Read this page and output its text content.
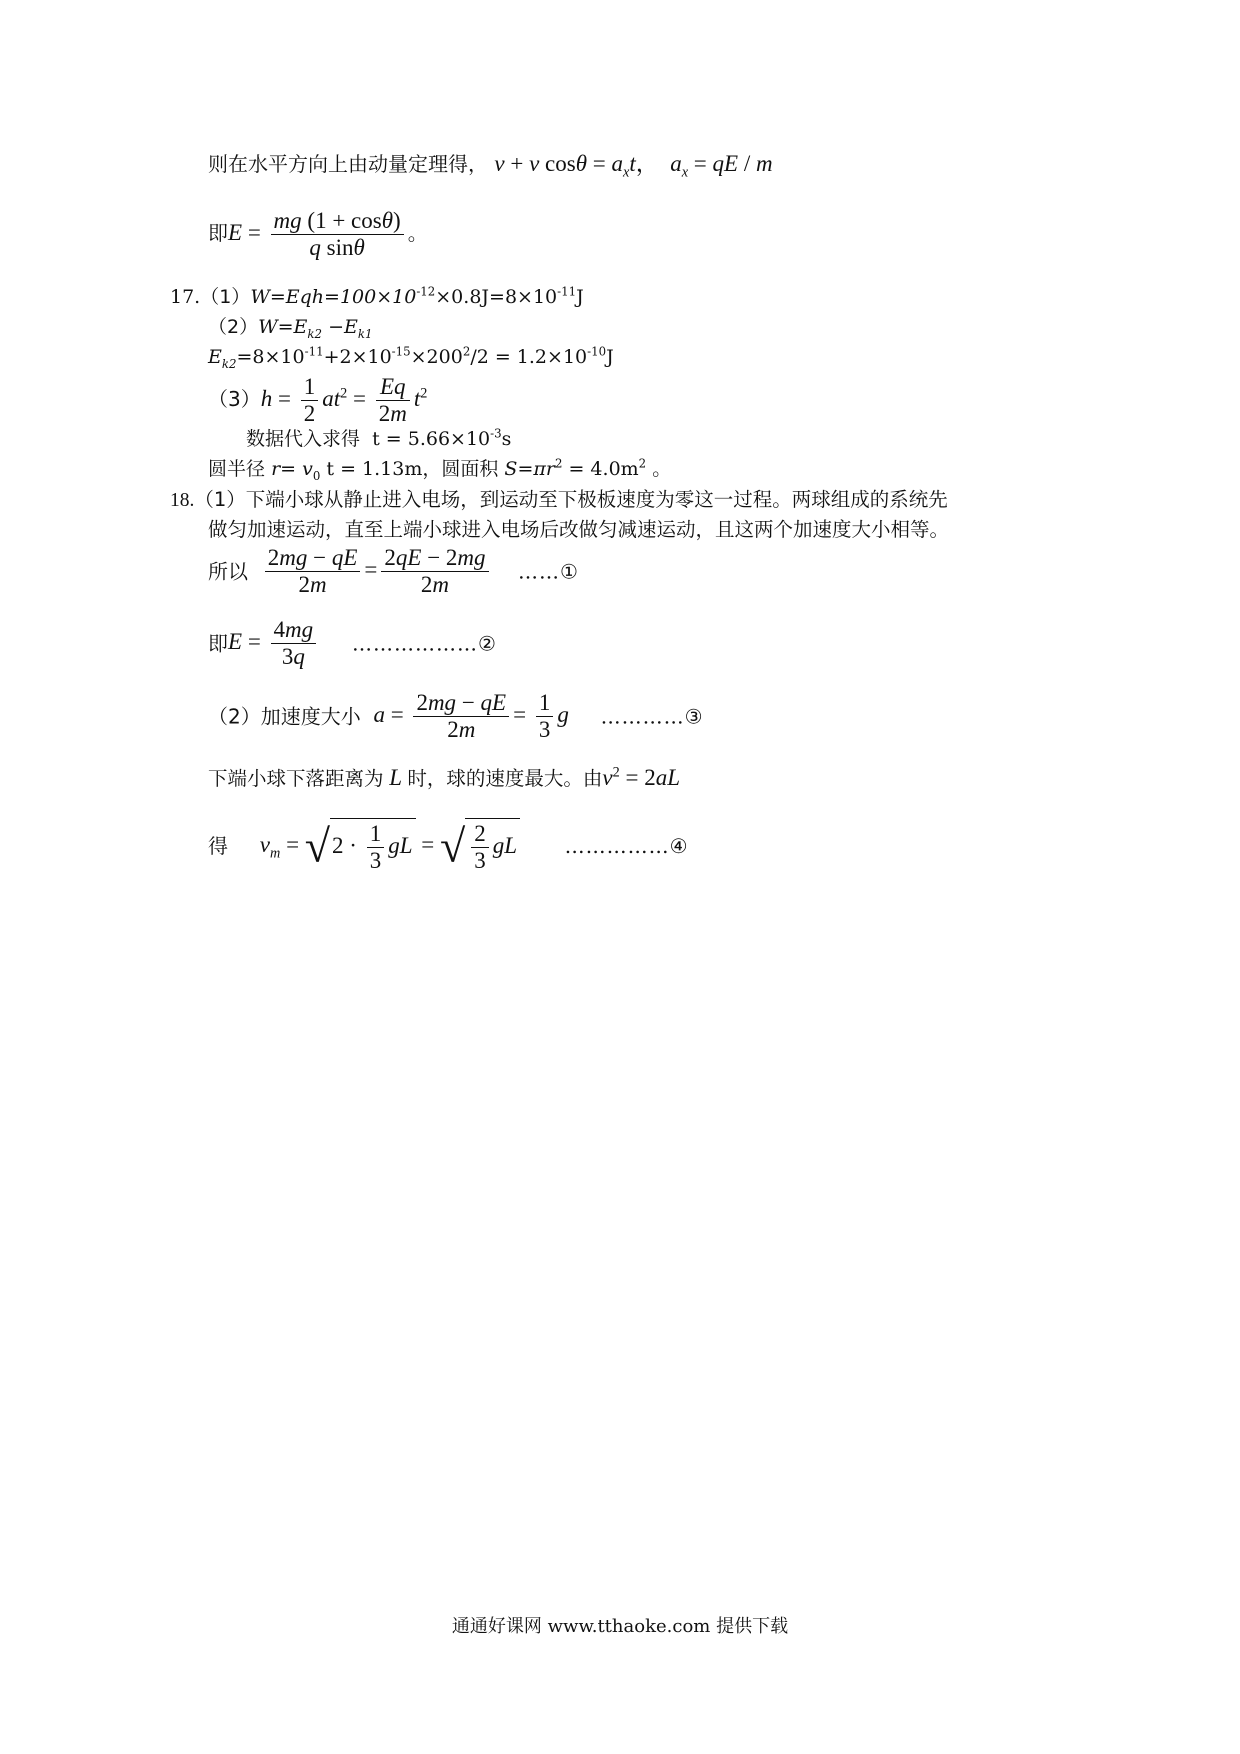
则在水平方向上由动量定理得， v + v $\cos\theta = a_xt$，  $a_x$ = qE / m
即$E = \frac{mg (1 + \cos\theta)}{\text{q sinθ}}$ 。
$17.(1)W=Eqh=100\times 10^{-12}\times 0.8J=8\times 10^{-11}J$
$(2)W=E_{k2} -E_{k1}$
$E_{k2}=8\times 10^{-11}+2\times 10^{-15}\times 200^2/2 = 1.2\times 10^{-10}J$
$(3)h = \frac{1}{2} at^2 = \frac{Eq}{2m} t^2$
数据代入求得 $t = 5.66\times 10^{-3}s$
圆半径 $r= v_0$ t = 1.13m，圆面积 $S=\pi r^2 = 4.0m^2$ 。
18.（1）下端小球从静止进入电场，到运动至下极板速度为零这一过程。两球组成的系统先
做匀加速运动，直至上端小球进入电场后改做匀减速运动，且这两个加速度大小相等。
所以 $\frac{2mg - qE}{2m} = \frac{2qE - 2mg}{2m}$ ……①
即$E = \frac{4mg}{3q}$ ………………②
（2）加速度大小 $a = \frac{2mg - qE}{2m} = \frac{1}{3}$ g …………③
下端小球下落距离为 L 时，球的速度最大。由$v^2 = 2aL$
得 $v_m = √2 \cdot \frac{1}{3}$ gL = √ $\frac{2}{3}$ gL ……………④
通通好课网 www.tthaoke.com 提供下载
